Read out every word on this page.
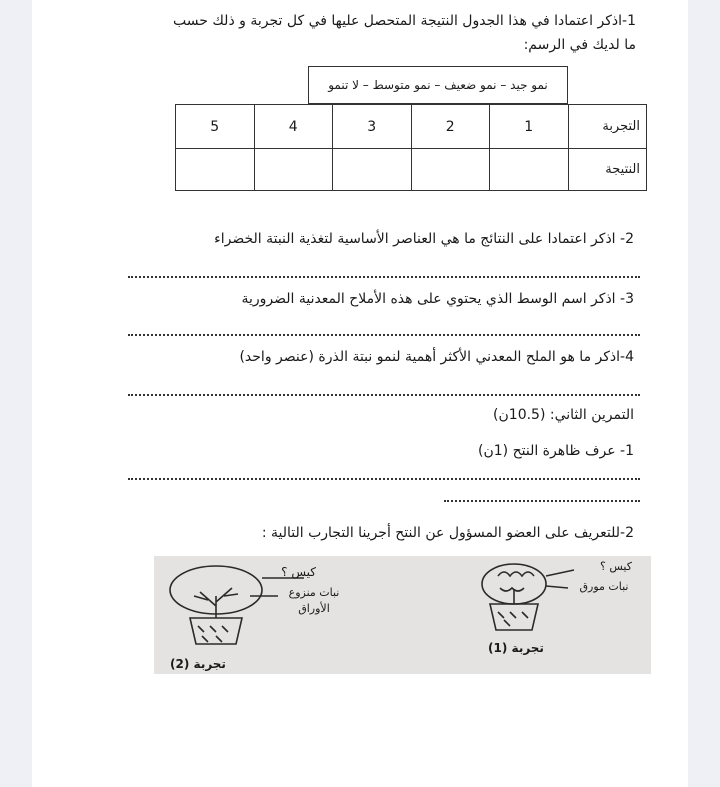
1-اذكر اعتمادا في هذا الجدول النتيجة المتحصل عليها في كل تجربة و ذلك حسب
ما لديك في الرسم:
نمو جيد – نمو ضعيف – نمو متوسط – لا تنمو
5	4	3	2	1	التجربة
					النتيجة
2- اذكر اعتمادا على النتائج ما هي العناصر الأساسية لتغذية النبتة الخضراء
3- اذكر اسم الوسط الذي يحتوي على هذه الأملاح المعدنية الضرورية
4-اذكر ما هو الملح المعدني الأكثر أهمية لنمو نبتة الذرة (عنصر واحد)
التمرين الثاني: (10.5ن)
1- عرف ظاهرة النتح (1ن)
2-للتعريف على العضو المسؤول عن النتح أجرينا التجارب التالية :
كيس ؟
نبات منزوع
الأوراق
كيس ؟
نبات مورق
تجربة (1)
تجربة (2)
